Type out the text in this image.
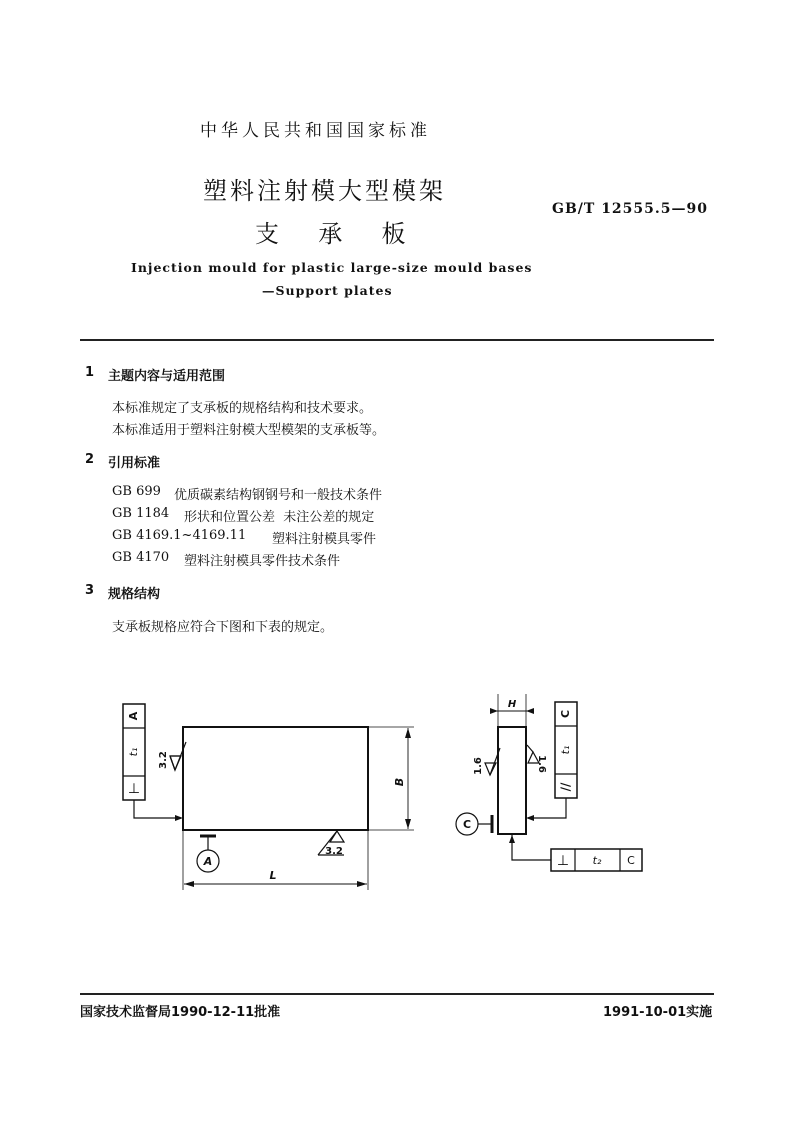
中华人民共和国国家标准
塑料注射模大型模架
支  承  板
GB/T 12555.5—90
Injection mould for plastic large-size mould bases
—Support plates
1 主题内容与适用范围
本标准规定了支承板的规格结构和技术要求。
本标准适用于塑料注射模大型模架的支承板等。
2 引用标准
GB 699 优质碳素结构钢钢号和一般技术条件
GB 1184 形状和位置公差  未注公差的规定
GB 4169.1~4169.11 塑料注射模具零件
GB 4170 塑料注射模具零件技术条件
3 规格结构
支承板规格应符合下图和下表的规定。
A
t₁
⊥
3.2
B
A
3.2
L
H
1.6	1.6
C
t₁
//
C
⊥ t₂ C
国家技术监督局1990-12-11批准	1991-10-01实施
